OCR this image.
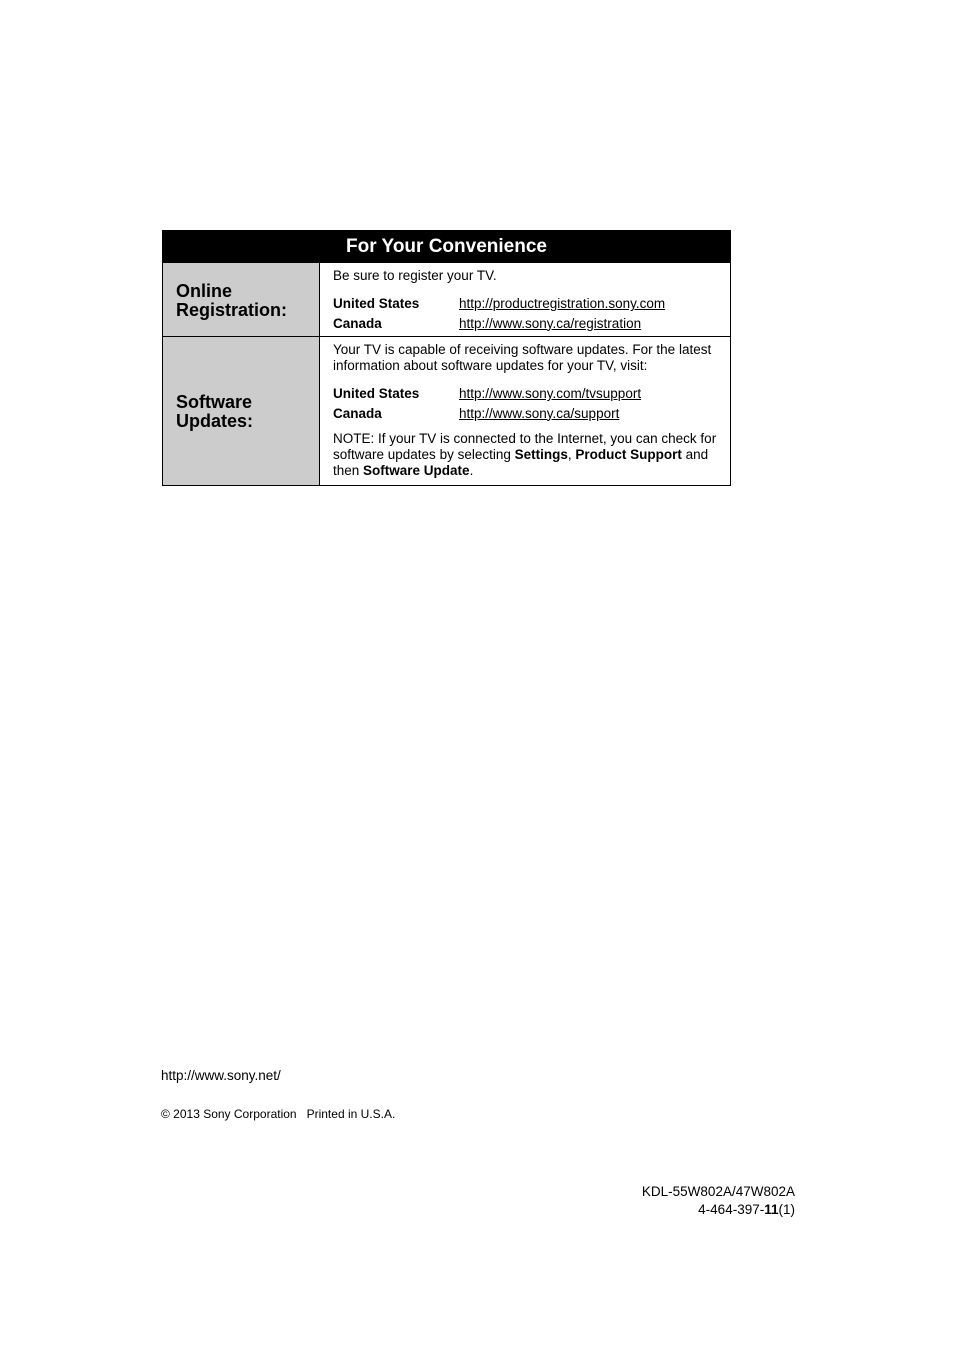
For Your Convenience
Online
Registration:

Be sure to register your TV.

United States	http://productregistration.sony.com
Canada	http://www.sony.ca/registration
Software
Updates:

Your TV is capable of receiving software updates. For the latest information about software updates for your TV, visit:

United States	http://www.sony.com/tvsupport
Canada	http://www.sony.ca/support

NOTE: If your TV is connected to the Internet, you can check for software updates by selecting Settings, Product Support and then Software Update.

http://www.sony.net/
© 2013 Sony Corporation Printed in U.S.A.
KDL-55W802A/47W802A
4-464-397-11(1)
